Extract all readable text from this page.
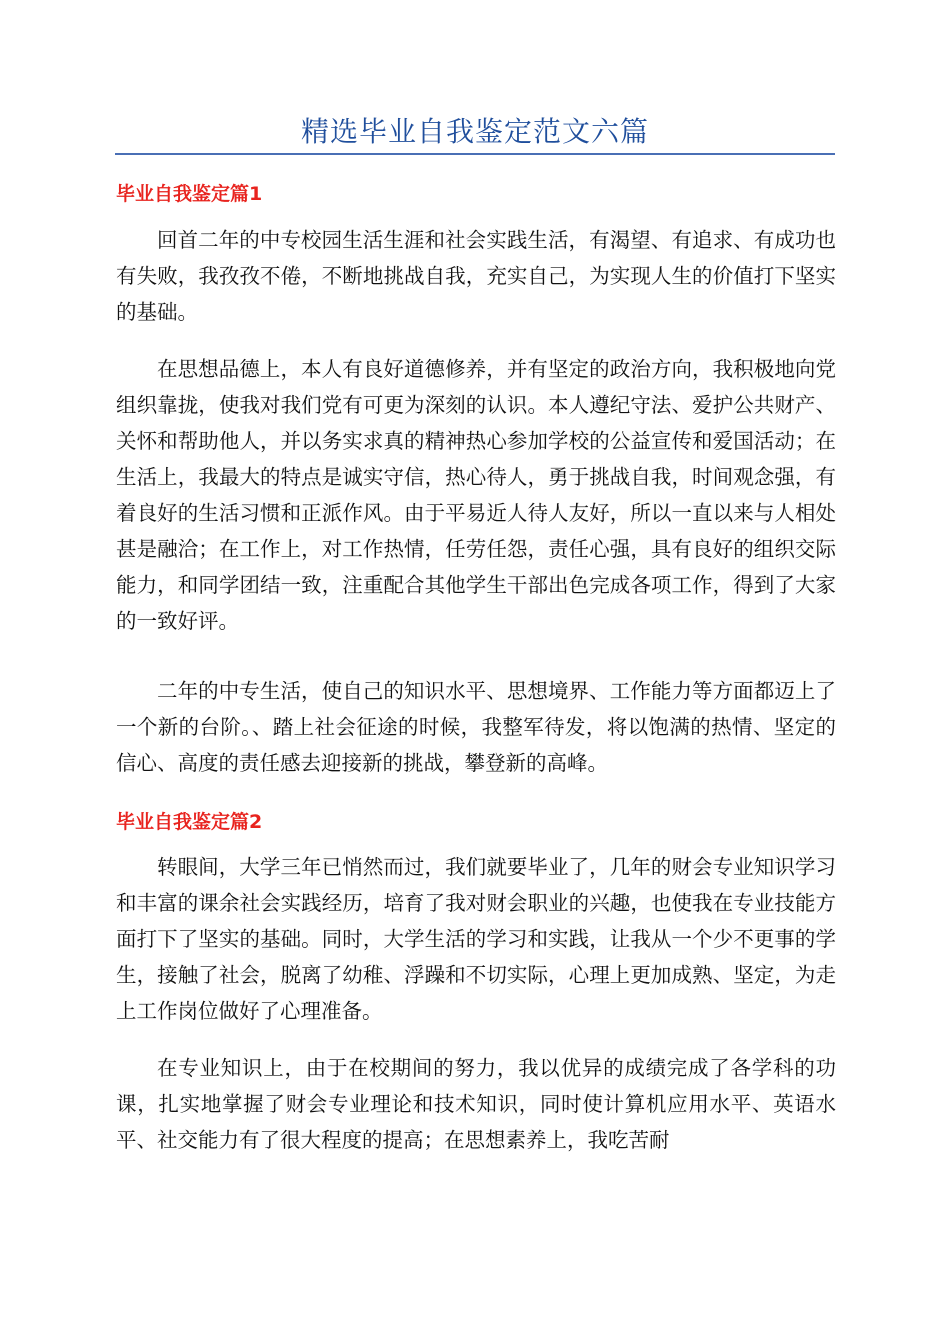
精选毕业自我鉴定范文六篇
毕业自我鉴定篇1

回首二年的中专校园生活生涯和社会实践生活，有渴望、有追求、有成功也有失败，我孜孜不倦，不断地挑战自我，充实自己，为实现人生的价值打下坚实的基础。

在思想品德上，本人有良好道德修养，并有坚定的政治方向，我积极地向党组织靠拢，使我对我们党有可更为深刻的认识。本人遵纪守法、爱护公共财产、关怀和帮助他人，并以务实求真的精神热心参加学校的公益宣传和爱国活动；在生活上，我最大的特点是诚实守信，热心待人，勇于挑战自我，时间观念强，有着良好的生活习惯和正派作风。由于平易近人待人友好，所以一直以来与人相处甚是融洽；在工作上，对工作热情，任劳任怨，责任心强，具有良好的组织交际能力，和同学团结一致，注重配合其他学生干部出色完成各项工作，得到了大家的一致好评。

二年的中专生活，使自己的知识水平、思想境界、工作能力等方面都迈上了一个新的台阶。、踏上社会征途的时候，我整军待发，将以饱满的热情、坚定的信心、高度的责任感去迎接新的挑战，攀登新的高峰。

毕业自我鉴定篇2

转眼间，大学三年已悄然而过，我们就要毕业了，几年的财会专业知识学习和丰富的课余社会实践经历，培育了我对财会职业的兴趣，也使我在专业技能方面打下了坚实的基础。同时，大学生活的学习和实践，让我从一个少不更事的学生，接触了社会，脱离了幼稚、浮躁和不切实际，心理上更加成熟、坚定，为走上工作岗位做好了心理准备。

在专业知识上，由于在校期间的努力，我以优异的成绩完成了各学科的功课，扎实地掌握了财会专业理论和技术知识，同时使计算机应用水平、英语水平、社交能力有了很大程度的提高；在思想素养上，我吃苦耐
